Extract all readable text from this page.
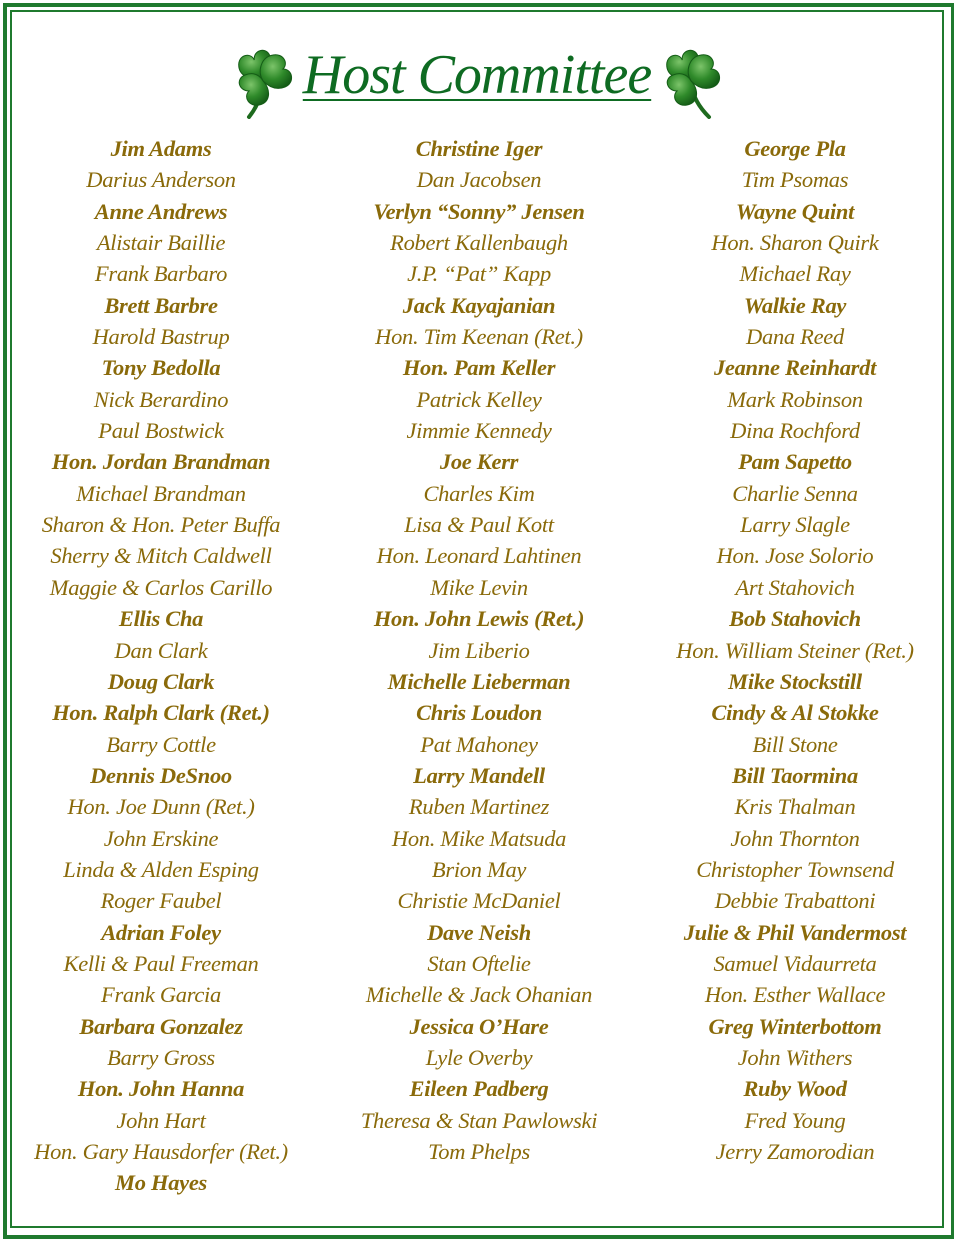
Host Committee
Jim Adams
Darius Anderson
Anne Andrews
Alistair Baillie
Frank Barbaro
Brett Barbre
Harold Bastrup
Tony Bedolla
Nick Berardino
Paul Bostwick
Hon. Jordan Brandman
Michael Brandman
Sharon & Hon. Peter Buffa
Sherry & Mitch Caldwell
Maggie & Carlos Carillo
Ellis Cha
Dan Clark
Doug Clark
Hon. Ralph Clark (Ret.)
Barry Cottle
Dennis DeSnoo
Hon. Joe Dunn (Ret.)
John Erskine
Linda & Alden Esping
Roger Faubel
Adrian Foley
Kelli & Paul Freeman
Frank Garcia
Barbara Gonzalez
Barry Gross
Hon. John Hanna
John Hart
Hon. Gary Hausdorfer (Ret.)
Mo Hayes
Christine Iger
Dan Jacobsen
Verlyn “Sonny” Jensen
Robert Kallenbaugh
J.P. “Pat” Kapp
Jack Kayajanian
Hon. Tim Keenan (Ret.)
Hon. Pam Keller
Patrick Kelley
Jimmie Kennedy
Joe Kerr
Charles Kim
Lisa & Paul Kott
Hon. Leonard Lahtinen
Mike Levin
Hon. John Lewis (Ret.)
Jim Liberio
Michelle Lieberman
Chris Loudon
Pat Mahoney
Larry Mandell
Ruben Martinez
Hon. Mike Matsuda
Brion May
Christie McDaniel
Dave Neish
Stan Oftelie
Michelle & Jack Ohanian
Jessica O’Hare
Lyle Overby
Eileen Padberg
Theresa & Stan Pawlowski
Tom Phelps
George Pla
Tim Psomas
Wayne Quint
Hon. Sharon Quirk
Michael Ray
Walkie Ray
Dana Reed
Jeanne Reinhardt
Mark Robinson
Dina Rochford
Pam Sapetto
Charlie Senna
Larry Slagle
Hon. Jose Solorio
Art Stahovich
Bob Stahovich
Hon. William Steiner (Ret.)
Mike Stockstill
Cindy & Al Stokke
Bill Stone
Bill Taormina
Kris Thalman
John Thornton
Christopher Townsend
Debbie Trabattoni
Julie & Phil Vandermost
Samuel Vidaurreta
Hon. Esther Wallace
Greg Winterbottom
John Withers
Ruby Wood
Fred Young
Jerry Zamorodian
